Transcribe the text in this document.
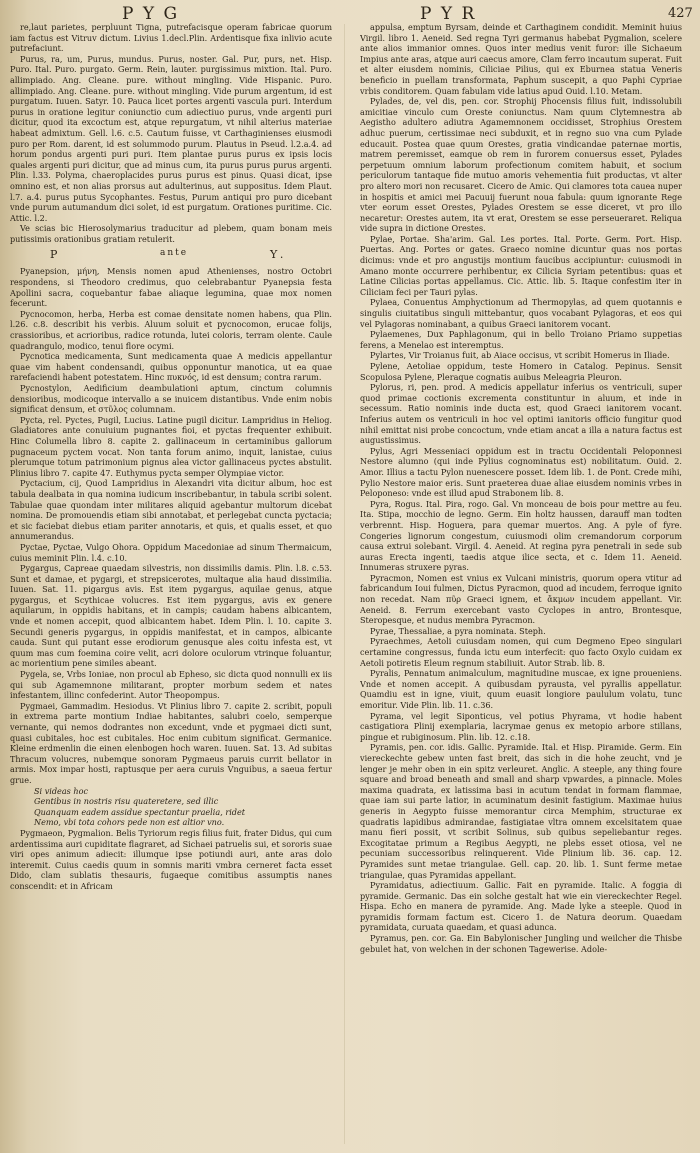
P Y G	P Y R	427

re,laut parietes, perpluunt Tigna, putrefacisque operam fabricae quorum iam factus est Vitruv dictum. Livius 1.decl.Plin. Ardentisque fixa inlivio acute putrefaciunt.

Purus, ra, um, Purus, mundus. Purus, noster. Gal. Pur, purs, net. Hisp. Puro. Ital. Puro. purgato. Germ. Rein, lauter. purgissimus mixtion. Ital. Puro. allimpiado. Ang. Cleane. pure. without mingling. Vide Hispanic. Puro. allimpiado. Ang. Cleane. pure. without mingling. Vide purum argentum, id est purgatum. Iuuen. Satyr. 10. Pauca licet portes argenti vascula puri. Interdum purus in oratione legitur coniunctio cum adiectiuo purus, vnde argenti puri dicitur, quod ita excoctum est, atque repurgatum, vt nihil alterius materiae habeat admixtum. Gell. l.6. c.5. Cautum fuisse, vt Carthaginienses eiusmodi puro per Rom. darent, id est solummodo purum. Plautus in Pseud. l.2.a.4. ad horum pondus argenti puri puri. Item plantae purus purus ex ipsis locis quales argenti puri dicitur, que ad minus cum, ita purus purus purus argenti. Plin. l.33. Polyma, chaeroplacides purus purus est pinus. Quasi dicat, ipse omnino est, et non alias prorsus aut adulterinus, aut suppositus. Idem Plaut. l.7. a.4. purus putus Sycophantes. Festus, Purum antiqui pro puro dicebant vnde purum autumandum dici solet, id est purgatum. Orationes puritime. Cic. Attic. l.2.

Ve scias bic Hierosolymarius traducitur ad plebem, quam bonam meis putissimis orationibus gratiam retulerit.

P	ante	Y.

Pyanepsion, μήνη, Mensis nomen apud Athenienses, nostro Octobri respondens, si Theodoro credimus, quo celebrabantur Pyanepsia festa Apollini sacra, coquebantur fabae aliaque legumina, quae mox nomen fecerunt.

Pycnocomon, herba, Herba est comae densitate nomen habens, qua Plin. l.26. c.8. describit his verbis. Aluum soluit et pycnocomon, erucae folijs, crassioribus, et acrioribus, radice rotunda, lutei coloris, terram olente. Caule quadrangulo, modico, tenui flore ocymi.

Pycnotica medicamenta, Sunt medicamenta quae A medicis appellantur quae vim habent condensandi, quibus opponuntur manotica, ut ea quae rarefaciendi habent potestatem. Hinc πυκνός, id est densum; contra rarum.

Pycnostylon, Aedificium deambulationi aptum, cinctum columnis densioribus, modicoque intervallo a se inuicem distantibus. Vnde enim nobis significat densum, et στῦλος columnam.

Pycta, rel. Pyctes, Pugil, Lucius. Latine pugil dicitur. Lampridius in Heliog. Gladiatores ante conuiuium pugnantes fioi, et pyctas frequenter exhibuit. Hinc Columella libro 8. capite 2. gallinaceum in certaminibus gallorum pugnaceum pyctem vocat. Non tanta forum animo, inquit, lanistae, cuius plerumque totum patrimonium pignus alea victor gallinaceus pyctes abstulit. Plinius libro 7. capite 47. Euthymus pycta semper Olympiae victor.

Pyctacium, cij, Quod Lampridius in Alexandri vita dicitur album, hoc est tabula dealbata in qua nomina iudicum inscribebantur, in tabula scribi solent. Tabulae quae quondam inter militares aliquid agebantur multorum dicebat nomina. De promouendis etiam sibi annotabat, et perlegebat cuncta pyctacia; et sic faciebat diebus etiam pariter annotaris, et quis, et qualis esset, et quo annumerandus.

Pyctae, Pyctae, Vulgo Ohora. Oppidum Macedoniae ad sinum Thermaicum, cuius meminit Plin. l.4. c.10.

Pygargus, Capreae quaedam silvestris, non dissimilis damis. Plin. l.8. c.53. Sunt et damae, et pygargi, et strepsicerotes, multaque alia haud dissimilia. Iuuen. Sat. 11. pigargus avis. Est item pygargus, aquilae genus, atque pygargus, et Scythicae volucres. Est item pygargus, avis ex genere aquilarum, in oppidis habitans, et in campis; caudam habens albicantem, vnde et nomen accepit, quod albicantem habet. Idem Plin. l. 10. capite 3. Secundi generis pygargus, in oppidis manifestat, et in campos, albicante cauda. Sunt qui putant esse erodiorum genusque ales coitu infesta est, vt quum mas cum foemina coire velit, acri dolore oculorum vtrinque foluantur, ac morientium pene similes abeant.

Pygela, se, Vrbs Ioniae, non procul ab Epheso, sic dicta quod nonnulli ex iis qui sub Agamemnone militarant, propter morbum sedem et nates infestantem, illinc confederint. Autor Theopompus.

Pygmaei, Gammadim. Hesiodus. Vt Plinius libro 7. capite 2. scribit, populi in extrema parte montium Indiae habitantes, salubri coelo, semperque vernante, qui nemos dodrantes non excedunt, vnde et pygmaei dicti sunt, quasi cubitales, hoc est cubitales. Hoc enim cubitum significat. Germanice. Kleine erdmenlin die einen elenbogen hoch waren. Iuuen. Sat. 13. Ad subitas Thracum volucres, nubemque sonoram Pygmaeus paruis currit bellator in armis. Mox impar hosti, raptusque per aera curuis Vnguibus, a saeua fertur grue.

Si videas hoc

Gentibus in nostris risu quateretere, sed illic

Quanquam eadem assidue spectantur praelia, ridet

Nemo, vbi tota cohors pede non est altior vno.

Pygmaeon, Pygmalion. Belis Tyriorum regis filius fuit, frater Didus, qui cum ardentissima auri cupiditate flagraret, ad Sichaei patruelis sui, et sororis suae viri opes animum adiecit: illumque ipse potiundi auri, ante aras dolo interemit. Cuius caedis quum in somnis mariti vmbra cerneret facta esset Dido, clam sublatis thesauris, fugaeque comitibus assumptis nanes conscendit: et in Africam

appulsa, emptum Byrsam, deinde et Carthaginem condidit. Meminit huius Virgil. libro 1. Aeneid. Sed regna Tyri germanus habebat Pygmalion, scelere ante alios immanior omnes. Quos inter medius venit furor: ille Sichaeum Impius ante aras, atque auri caecus amore, Clam ferro incautum superat. Fuit et alter eiusdem nominis, Ciliciae Pilius, qui ex Eburnea statua Veneris beneficio in puellam transformata, Paphum suscepit, a quo Paphi Cypriae vrbis conditorem. Quam fabulam vide latius apud Ouid. l.10. Metam.

Pylades, de, vel dis, pen. cor. Strophij Phocensis filius fuit, indissolubili amicitiae vinculo cum Oreste coniunctus. Nam quum Clytemnestra ab Aegistho adultero adiutra Agamemnonem occidisset, Strophius Orestem adhuc puerum, certissimae neci subduxit, et in regno suo vna cum Pylade educauit. Postea quae quum Orestes, gratia vindicandae paternae mortis, matrem peremisset, eamque ob rem in furorem conuersus esset, Pylades perpetuum omnium laborum profectionum comitem habuit, et socium periculorum tantaque fide mutuo amoris vehementia fuit productas, vt alter pro altero mori non recusaret. Cicero de Amic. Qui clamores tota cauea nuper in hospitis et amici mei Pacuuij fuerunt noua fabula: quum ignorante Rege vter eorum esset Orestes, Pylades Orestem se esse diceret, vt pro illo necaretur: Orestes autem, ita vt erat, Orestem se esse perseueraret. Reliqua vide supra in dictione Orestes.

Pylae, Portae. Sha'arim. Gal. Les portes. Ital. Porte. Germ. Port. Hisp. Puertas. Ang. Portes or gates. Graeco nomine dicuntur quas nos portas dicimus: vnde et pro angustijs montium faucibus accipiuntur: cuiusmodi in Amano monte occurrere perhibentur, ex Cilicia Syriam petentibus: quas et Latine Cilicias portas appellamus. Cic. Attic. lib. 5. Itaque confestim iter in Ciliciam feci per Tauri pylas.

Pylaea, Conuentus Amphyctionum ad Thermopylas, ad quem quotannis e singulis ciuitatibus singuli mittebantur, quos vocabant Pylagoras, et eos qui vel Pylagoras nominabant, a quibus Graeci ianitorem vocant.

Pylaemenes, Dux Paphlagonum, qui in bello Troiano Priamo suppetias ferens, a Menelao est interemptus.

Pylartes, Vir Troianus fuit, ab Aiace occisus, vt scribit Homerus in Iliade.

Pylene, Aetoliae oppidum, teste Homero in Catalog. Pepinus. Sensit Scopulosa Pylene, Pleraque cognatis auibus Meleagria Pleuron.

Pylorus, ri, pen. prod. A medicis appellatur inferius os ventriculi, super quod primae coctionis excrementa constituntur in aluum, et inde in secessum. Ratio nominis inde ducta est, quod Graeci ianitorem vocant. Inferius autem os ventriculi in hoc vel optimi ianitoris officio fungitur quod nihil emittat nisi probe concoctum, vnde etiam ancat a illa a natura factus est augustissimus.

Pylus, Agri Messeniaci oppidum est in tractu Occidentali Peloponnesi Nestore alumno (qui inde Pylius cognominatus est) nobilitatum. Ouid. 2. Amor. Illius a tactu Pylon nuenescere posset. Idem lib. 1. de Pont. Crede mihi, Pylio Nestore maior eris. Sunt praeterea duae aliae eiusdem nominis vrbes in Peloponeso: vnde est illud apud Strabonem lib. 8.

Pyra, Rogus. Ital. Pira, rogo. Gal. Vn monceau de bois pour mettre au feu. Ita. Stipa, mocchio de legno. Germ. Ein holtz haussen, darauff man todten verbrennt. Hisp. Hoguera, para quemar muertos. Ang. A pyle of fyre. Congeries lignorum congestum, cuiusmodi olim cremandorum corporum causa extrui solebant. Virgil. 4. Aeneid. At regina pyra penetrali in sede sub auras Erecta ingenti, taedis atque ilice secta, et c. Idem 11. Aeneid. Innumeras struxere pyras.

Pyracmon, Nomen est vnius ex Vulcani ministris, quorum opera vtitur ad fabricandum Ioui fulmen, Dictus Pyracmon, quod ad incudem, ferroque ignito non recedat. Nam πῦρ Graeci ignem, et ἄκμων incudem appellant. Vir. Aeneid. 8. Ferrum exercebant vasto Cyclopes in antro, Brontesque, Steropesque, et nudus membra Pyracmon.

Pyrae, Thessaliae, a pyra nominata. Steph.

Pyraechmes, Aetoli cuiusdam nomen, qui cum Degmeno Epeo singulari certamine congressus, funda ictu eum interfecit: quo facto Oxylo cuidam ex Aetoli potiretis Eleum regnum stabiliuit. Autor Strab. lib. 8.

Pyralis, Pennatum animalculum, magnitudine muscae, ex igne proueniens. Vnde et nomen accepit. A quibusdam pyrausta, vel pyrallis appellatur. Quamdiu est in igne, viuit, quum euasit longiore paululum volatu, tunc emoritur. Vide Plin. lib. 11. c.36.

Pyrama, vel legit Siponticus, vel potius Phyrama, vt hodie habent castigatiora Plinij exemplaria, lacrymae genus ex metopio arbore stillans, pingue et rubiginosum. Plin. lib. 12. c.18.

Pyramis, pen. cor. idis. Gallic. Pyramide. Ital. et Hisp. Piramide. Germ. Ein viereckechte gebew unten fast breit, das sich in die hohe zeucht, vnd je lenger je mehr oben in ein spitz verleuret. Anglic. A steeple, any thing foure square and broad beneath and small and sharp vpwardes, a pinnacle. Moles maxima quadrata, ex latissima basi in acutum tendat in formam flammae, quae iam sui parte latior, in acuminatum desinit fastigium. Maximae huius generis in Aegypto fuisse memorantur circa Memphim, structurae ex quadratis lapidibus admirandae, fastigiatae vltra omnem excelsitatem quae manu fieri possit, vt scribit Solinus, sub quibus sepeliebantur reges. Excogitatae primum a Regibus Aegypti, ne plebs esset otiosa, vel ne pecuniam successoribus relinquerent. Vide Plinium lib. 36. cap. 12. Pyramides sunt metae triangulae. Gell. cap. 20. lib. 1. Sunt ferme metae triangulae, quas Pyramidas appellant.

Pyramidatus, adiectiuum. Gallic. Fait en pyramide. Italic. A foggia di pyramide. Germanic. Das ein solche gestalt hat wie ein viereckechter Regel. Hispa. Echo en manera de pyramide. Ang. Made lyke a steeple. Quod in pyramidis formam factum est. Cicero 1. de Natura deorum. Quaedam pyramidata, curuata quaedam, et quasi adunca.

Pyramus, pen. cor. Ga. Ein Babylonischer Jungling und weilcher die Thisbe gebulet hat, von welchen in der schonen Tagewerise. Adole-
